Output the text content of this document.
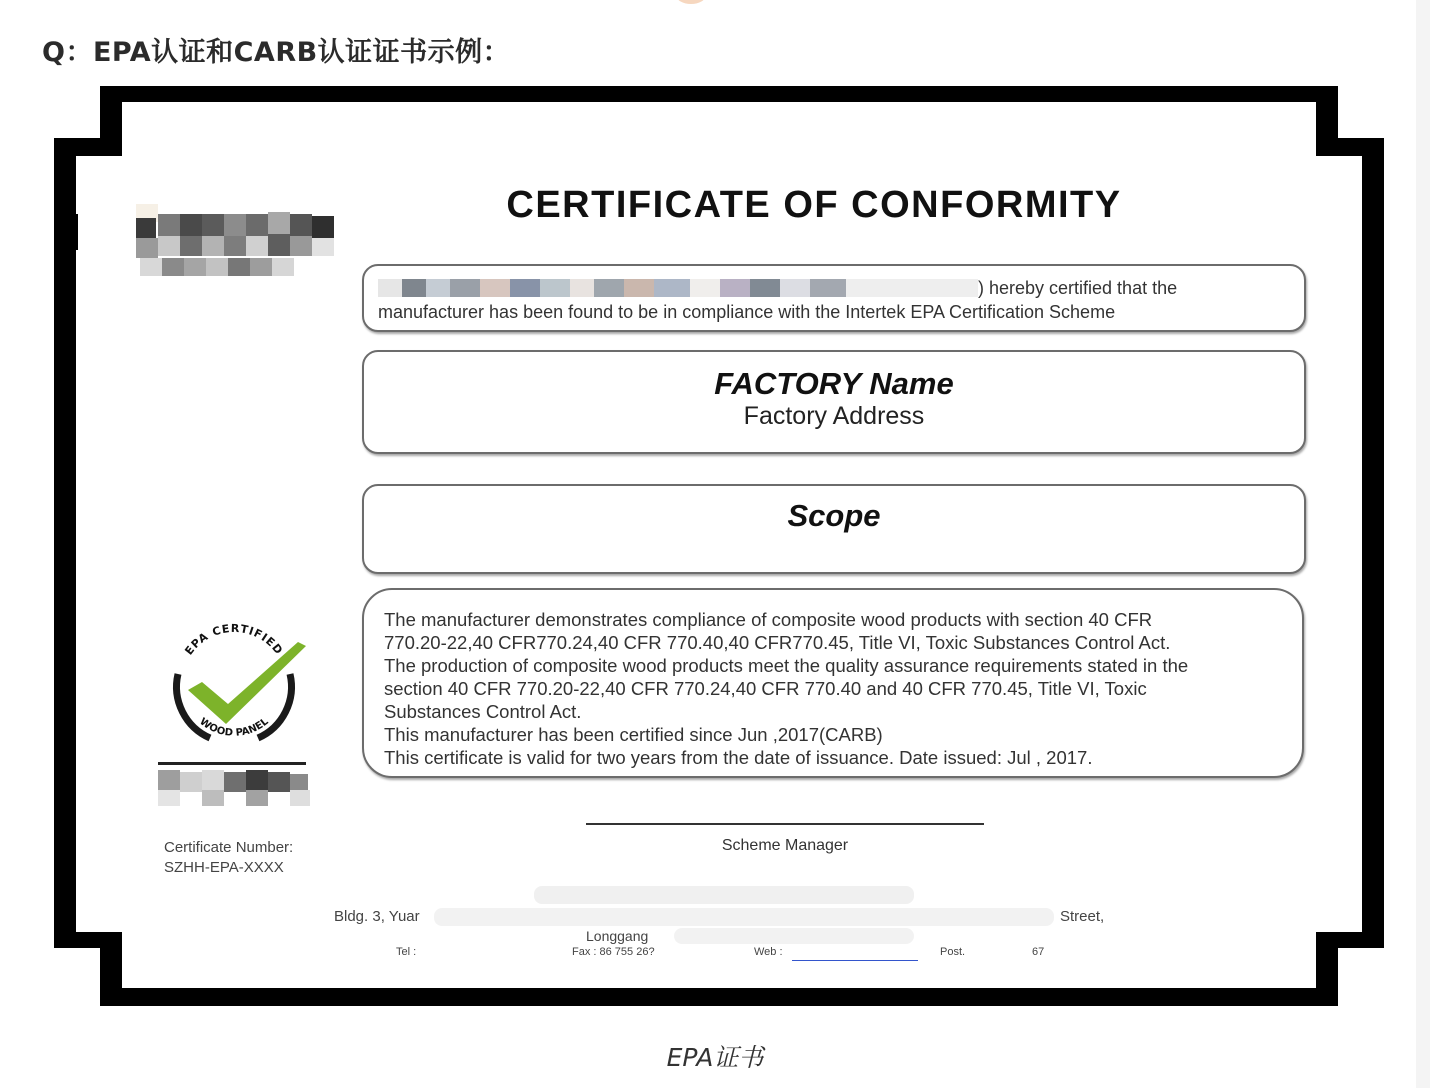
Q：EPA认证和CARB认证证书示例：
CERTIFICATE OF CONFORMITY
) hereby certified that the
manufacturer has been found to be in compliance with the Intertek EPA Certification Scheme
FACTORY Name
Factory Address
Scope

The manufacturer demonstrates compliance of composite wood products with section 40 CFR

770.20-22,40 CFR770.24,40 CFR 770.40,40 CFR770.45, Title VI, Toxic Substances Control Act.

The production of composite wood products meet the quality assurance requirements stated in the

section 40 CFR 770.20-22,40 CFR 770.24,40 CFR 770.40 and 40 CFR 770.45, Title VI, Toxic

Substances Control Act.

This manufacturer has been certified since Jun ,2017(CARB)

This certificate is valid for two years from the date of issuance. Date issued: Jul , 2017.

EPA CERTIFIED
WOOD PANEL
Certificate Number:
SZHH-EPA-XXXX
Scheme Manager
Bldg. 3, Yuar	Street,
Longgang
Tel :	Fax : 86 755 26?	Web :	Post.	67
EPA证书
